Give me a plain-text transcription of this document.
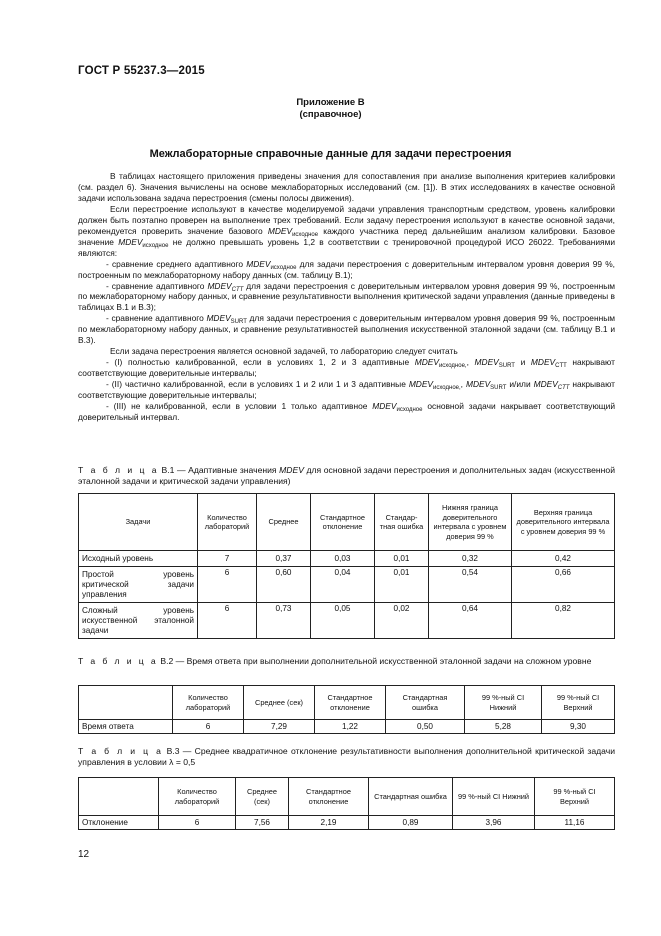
ГОСТ Р 55237.3—2015
Приложение В
(справочное)
Межлабораторные справочные данные для задачи перестроения

В таблицах настоящего приложения приведены значения для сопоставления при анализе выполнения критериев калибровки (см. раздел 6). Значения вычислены на основе межлабораторных исследований (см. [1]). В этих исследованиях в качестве основной задачи использована задача перестроения (смены полосы движения).

Если перестроение используют в качестве моделируемой задачи управления транспортным средством, уровень калибровки должен быть поэтапно проверен на выполнение трех требований. Если задачу перестроения используют в качестве основной задачи, рекомендуется проверить значение базового $MDEV_{исходное}$ каждого участника перед дальнейшим анализом калибровки. Базовое значение $MDEV_{исходное}$ не должно превышать уровень 1,2 в соответствии с тренировочной процедурой ИСО 26022. Требованиями являются:

- сравнение среднего адаптивного $MDEV_{исходное}$ для задачи перестроения с доверительным интервалом уровня доверия 99 %, построенным по межлабораторному набору данных (см. таблицу В.1);

- сравнение адаптивного $MDEV_{CTT}$ для задачи перестроения с доверительным интервалом уровня доверия 99 %, построенным по межлабораторному набору данных, и сравнение результативности выполнения критической задачи управления (данные приведены в таблицах В.1 и В.3);

- сравнение адаптивного $MDEV_{SURT}$ для задачи перестроения с доверительным интервалом уровня доверия 99 %, построенным по межлабораторному набору данных, и сравнение результативностей выполнения искусственной эталонной задачи (см. таблицу В.1 и В.3).

Если задача перестроения является основной задачей, то лабораторию следует считать

- (I) полностью калиброванной, если в условиях 1, 2 и 3 адаптивные $MDEV_{исходное,}$, $MDEV_{SURT}$ и $MDEV_{CTT}$ накрывают соответствующие доверительные интервалы;

- (II) частично калиброванной, если в условиях 1 и 2 или 1 и 3 адаптивные $MDEV_{исходное,}$, $MDEV_{SURT}$ и/или $MDEV_{CTT}$ накрывают соответствующие доверительные интервалы;

- (III) не калиброванной, если в условии 1 только адаптивное $MDEV_{исходное}$ основной задачи накрывает соответствующий доверительный интервал.

Т а б л и ц а В.1 — Адаптивные значения MDEV для основной задачи перестроения и дополнительных задач (искусственной эталонной задачи и критической задачи управления)
Задачи	Количество лабораторий	Среднее	Стандартное отклонение	Стандар-тная ошибка	Нижняя граница доверительного интервала с уровнем доверия 99 %	Верхняя граница доверительного интервала с уровнем доверия 99 %
Исходный уровень	7	0,37	0,03	0,01	0,32	0,42
Простой уровень критической задачи управления	6	0,60	0,04	0,01	0,54	0,66
Сложный уровень искусственной эталонной задачи	6	0,73	0,05	0,02	0,64	0,82
Т а б л и ц а В.2 — Время ответа при выполнении дополнительной искусственной эталонной задачи на сложном уровне
	Количество лабораторий	Среднее (сек)	Стандартное отклонение	Стандартная ошибка	99 %-ный CI Нижний	99 %-ный CI Верхний
Время ответа	6	7,29	1,22	0,50	5,28	9,30
Т а б л и ц а В.3 — Среднее квадратичное отклонение результативности выполнения дополнительной критической задачи управления в условии λ = 0,5
	Количество лабораторий	Среднее (сек)	Стандартное отклонение	Стандартная ошибка	99 %-ный CI Нижний	99 %-ный CI Верхний
Отклонение	6	7,56	2,19	0,89	3,96	11,16
12
